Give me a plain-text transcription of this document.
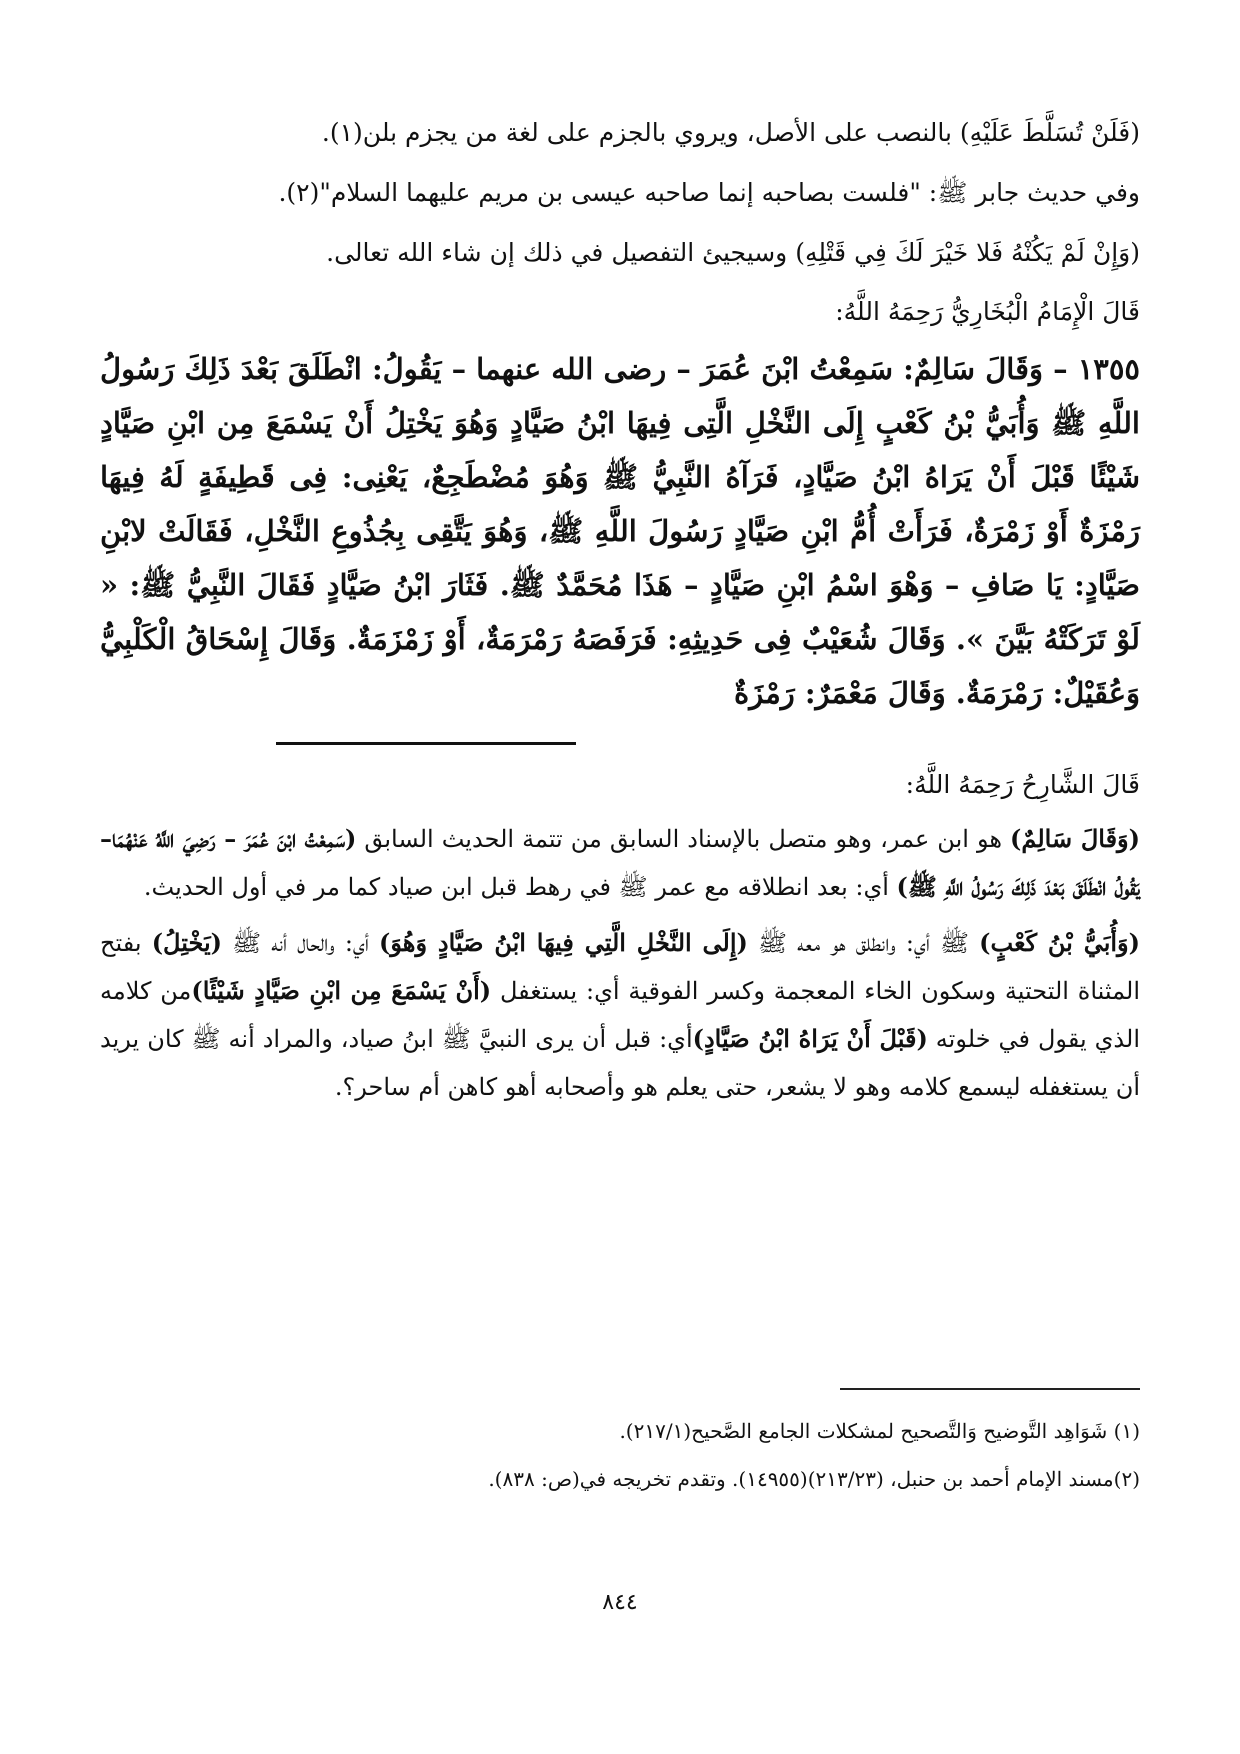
(فَلَنْ تُسَلَّطَ عَلَيْهِ) بالنصب على الأصل، ويروي بالجزم على لغة من يجزم بلن(١).

وفي حديث جابر ﷺ: "فلست بصاحبه إنما صاحبه عيسى بن مريم عليهما السلام"(٢).

(وَإِنْ لَمْ يَكُنْهُ فَلا خَيْرَ لَكَ فِي قَتْلِهِ) وسيجيئ التفصيل في ذلك إن شاء الله تعالى.

قَالَ الْإِمَامُ الْبُخَارِيُّ رَحِمَهُ اللَّهُ:
١٣٥٥ – وَقَالَ سَالِمٌ: سَمِعْتُ ابْنَ عُمَرَ – رضى الله عنهما – يَقُولُ: انْطَلَقَ بَعْدَ ذَلِكَ رَسُولُ اللَّهِ ﷺ وَأُبَيُّ بْنُ كَعْبٍ إِلَى النَّخْلِ الَّتِى فِيهَا ابْنُ صَيَّادٍ وَهُوَ يَخْتِلُ أَنْ يَسْمَعَ مِن ابْنِ صَيَّادٍ شَيْئًا قَبْلَ أَنْ يَرَاهُ ابْنُ صَيَّادٍ، فَرَآهُ النَّبِيُّ ﷺ وَهُوَ مُضْطَجِعٌ، يَعْنِى: فِى قَطِيفَةٍ لَهُ فِيهَا رَمْزَةٌ أَوْ زَمْرَةٌ، فَرَأَتْ أُمُّ ابْنِ صَيَّادٍ رَسُولَ اللَّهِ ﷺ، وَهُوَ يَتَّقِى بِجُذُوعِ النَّخْلِ، فَقَالَتْ لابْنِ صَيَّادٍ: يَا صَافِ – وَهْوَ اسْمُ ابْنِ صَيَّادٍ – هَذَا مُحَمَّدٌ ﷺ. فَثَارَ ابْنُ صَيَّادٍ فَقَالَ النَّبِيُّ ﷺ: « لَوْ تَرَكَتْهُ بَيَّنَ ». وَقَالَ شُعَيْبٌ فِى حَدِيثِهِ: فَرَفَصَهُ رَمْرَمَةٌ، أَوْ زَمْزَمَةٌ. وَقَالَ إِسْحَاقُ الْكَلْبِيُّ وَعُقَيْلٌ: رَمْرَمَةٌ. وَقَالَ مَعْمَرٌ: رَمْزَةٌ
قَالَ الشَّارِحُ رَحِمَهُ اللَّهُ:

(وَقَالَ سَالِمٌ) هو ابن عمر، وهو متصل بالإسناد السابق من تتمة الحديث السابق (سَمِعْتُ ابْنَ عُمَرَ – رَضِيَ اللَّهُ عَنْهُمَا– يَقُولُ انْطَلَقَ بَعْدَ ذَلِكَ رَسُولُ اللَّهِ ﷺ) أي: بعد انطلاقه مع عمر ﷺ في رهط قبل ابن صياد كما مر في أول الحديث.

(وَأُبَيُّ بْنُ كَعْبٍ) ﷺ أي: وانطلق هو معه ﷺ (إِلَى النَّخْلِ الَّتِي فِيهَا ابْنُ صَيَّادٍ وَهُوَ) أي: والحال أنه ﷺ (يَخْتِلُ) بفتح المثناة التحتية وسكون الخاء المعجمة وكسر الفوقية أي: يستغفل (أَنْ يَسْمَعَ مِن ابْنِ صَيَّادٍ شَيْئًا)من كلامه الذي يقول في خلوته (قَبْلَ أَنْ يَرَاهُ ابْنُ صَيَّادٍ)أي: قبل أن يرى النبيَّ ﷺ ابنُ صياد، والمراد أنه ﷺ كان يريد أن يستغفله ليسمع كلامه وهو لا يشعر، حتى يعلم هو وأصحابه أهو كاهن أم ساحر؟.

(١) شَوَاهِد التَّوضيح وَالتَّصحيح لمشكلات الجامع الصَّحيح(٢١٧/١).

(٢)مسند الإمام أحمد بن حنبل، (٢١٣/٢٣)(١٤٩٥٥). وتقدم تخريجه في(ص: ٨٣٨).

٨٤٤
